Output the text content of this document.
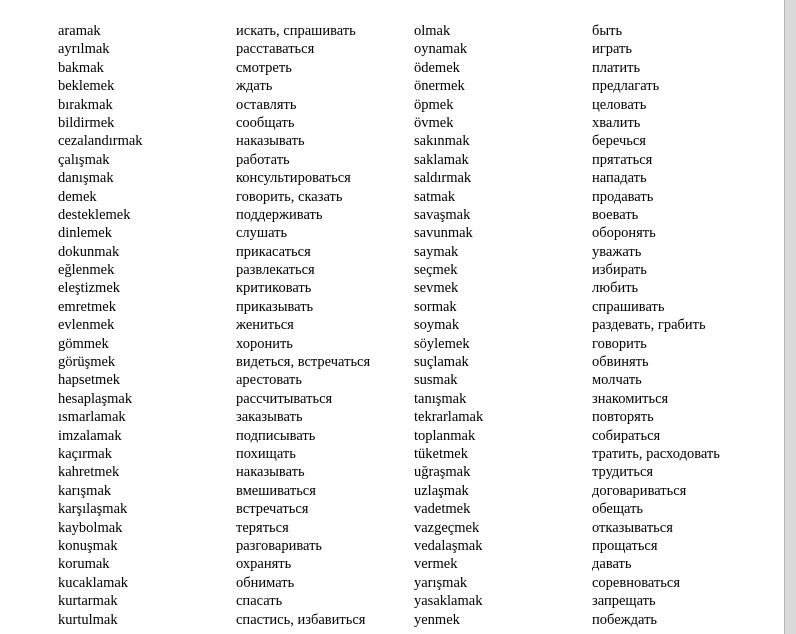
aramak	искать, спрашивать	olmak	быть
ayrılmak	расставаться	oynamak	играть
bakmak	смотреть	ödemek	платить
beklemek	ждать	önermek	предлагать
bırakmak	оставлять	öpmek	целовать
bildirmek	сообщать	övmek	хвалить
cezalandırmak	наказывать	sakınmak	беречься
çalışmak	работать	saklamak	прятаться
danışmak	консультироваться	saldırmak	нападать
demek	говорить, сказать	satmak	продавать
desteklemek	поддерживать	savaşmak	воевать
dinlemek	слушать	savunmak	оборонять
dokunmak	прикасаться	saymak	уважать
eğlenmek	развлекаться	seçmek	избирать
eleştizmek	критиковать	sevmek	любить
emretmek	приказывать	sormak	спрашивать
evlenmek	жениться	soymak	раздевать, грабить
gömmek	хоронить	söylemek	говорить
görüşmek	видеться, встречаться	suçlamak	обвинять
hapsetmek	арестовать	susmak	молчать
hesaplaşmak	рассчитываться	tanışmak	знакомиться
ısmarlamak	заказывать	tekrarlamak	повторять
imzalamak	подписывать	toplanmak	собираться
kaçırmak	похищать	tüketmek	тратить, расходовать
kahretmek	наказывать	uğraşmak	трудиться
karışmak	вмешиваться	uzlaşmak	договариваться
karşılaşmak	встречаться	vadetmek	обещать
kaybolmak	теряться	vazgeçmek	отказываться
konuşmak	разговаривать	vedalaşmak	прощаться
korumak	охранять	vermek	давать
kucaklamak	обнимать	yarışmak	соревноваться
kurtarmak	спасать	yasaklamak	запрещать
kurtulmak	спастись, избавиться	yenmek	побеждать
